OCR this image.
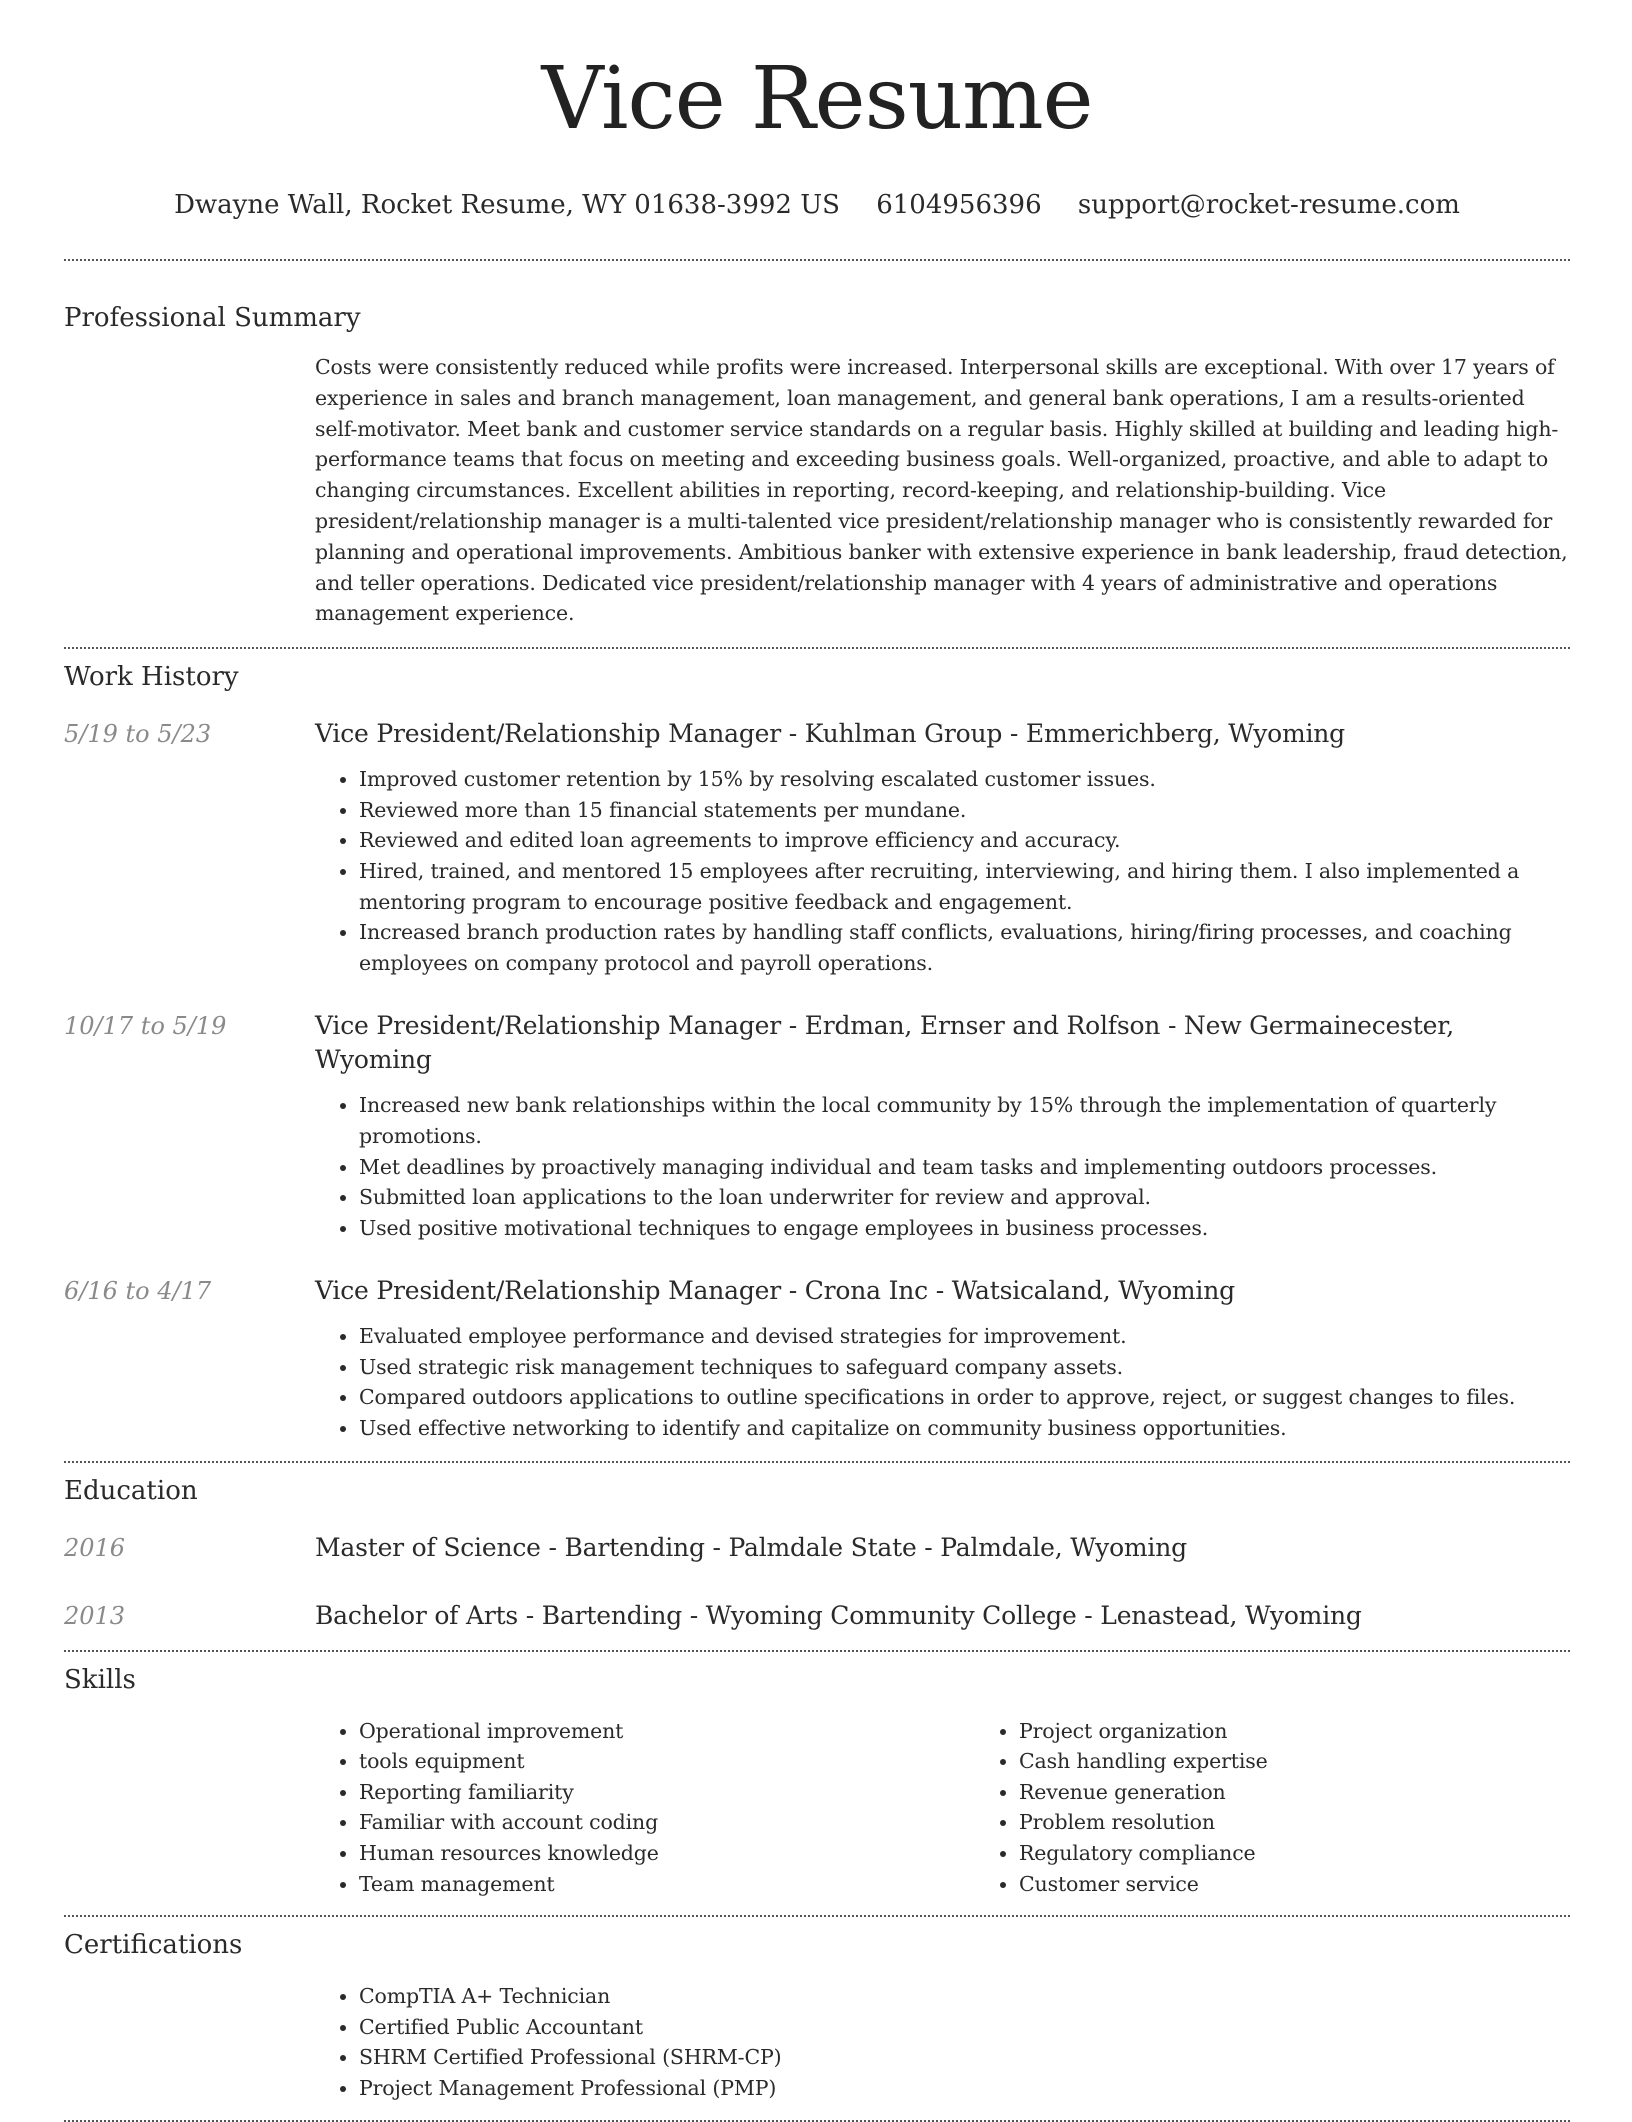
Vice Resume
Dwayne Wall, Rocket Resume, WY 01638-3992 US 6104956396 support@rocket-resume.com
Professional Summary

Costs were consistently reduced while profits were increased. Interpersonal skills are exceptional. With over 17 years of experience in sales and branch management, loan management, and general bank operations, I am a results-oriented self-motivator. Meet bank and customer service standards on a regular basis. Highly skilled at building and leading high-performance teams that focus on meeting and exceeding business goals. Well-organized, proactive, and able to adapt to changing circumstances. Excellent abilities in reporting, record-keeping, and relationship-building. Vice president/relationship manager is a multi-talented vice president/relationship manager who is consistently rewarded for planning and operational improvements. Ambitious banker with extensive experience in bank leadership, fraud detection, and teller operations. Dedicated vice president/relationship manager with 4 years of administrative and operations management experience.

Work History
5/19 to 5/23	Vice President/Relationship Manager - Kuhlman Group - Emmerichberg, Wyoming
• Improved customer retention by 15% by resolving escalated customer issues.
• Reviewed more than 15 financial statements per mundane.
• Reviewed and edited loan agreements to improve efficiency and accuracy.
• Hired, trained, and mentored 15 employees after recruiting, interviewing, and hiring them. I also implemented a mentoring program to encourage positive feedback and engagement.
• Increased branch production rates by handling staff conflicts, evaluations, hiring/firing processes, and coaching employees on company protocol and payroll operations.
10/17 to 5/19	Vice President/Relationship Manager - Erdman, Ernser and Rolfson - New Germainecester, Wyoming
• Increased new bank relationships within the local community by 15% through the implementation of quarterly promotions.
• Met deadlines by proactively managing individual and team tasks and implementing outdoors processes.
• Submitted loan applications to the loan underwriter for review and approval.
• Used positive motivational techniques to engage employees in business processes.
6/16 to 4/17	Vice President/Relationship Manager - Crona Inc - Watsicaland, Wyoming
• Evaluated employee performance and devised strategies for improvement.
• Used strategic risk management techniques to safeguard company assets.
• Compared outdoors applications to outline specifications in order to approve, reject, or suggest changes to files.
• Used effective networking to identify and capitalize on community business opportunities.
Education
2016	Master of Science - Bartending - Palmdale State - Palmdale, Wyoming
2013	Bachelor of Arts - Bartending - Wyoming Community College - Lenastead, Wyoming
Skills
• Operational improvement
• tools equipment
• Reporting familiarity
• Familiar with account coding
• Human resources knowledge
• Team management
• Project organization
• Cash handling expertise
• Revenue generation
• Problem resolution
• Regulatory compliance
• Customer service
Certifications
• CompTIA A+ Technician
• Certified Public Accountant
• SHRM Certified Professional (SHRM-CP)
• Project Management Professional (PMP)
